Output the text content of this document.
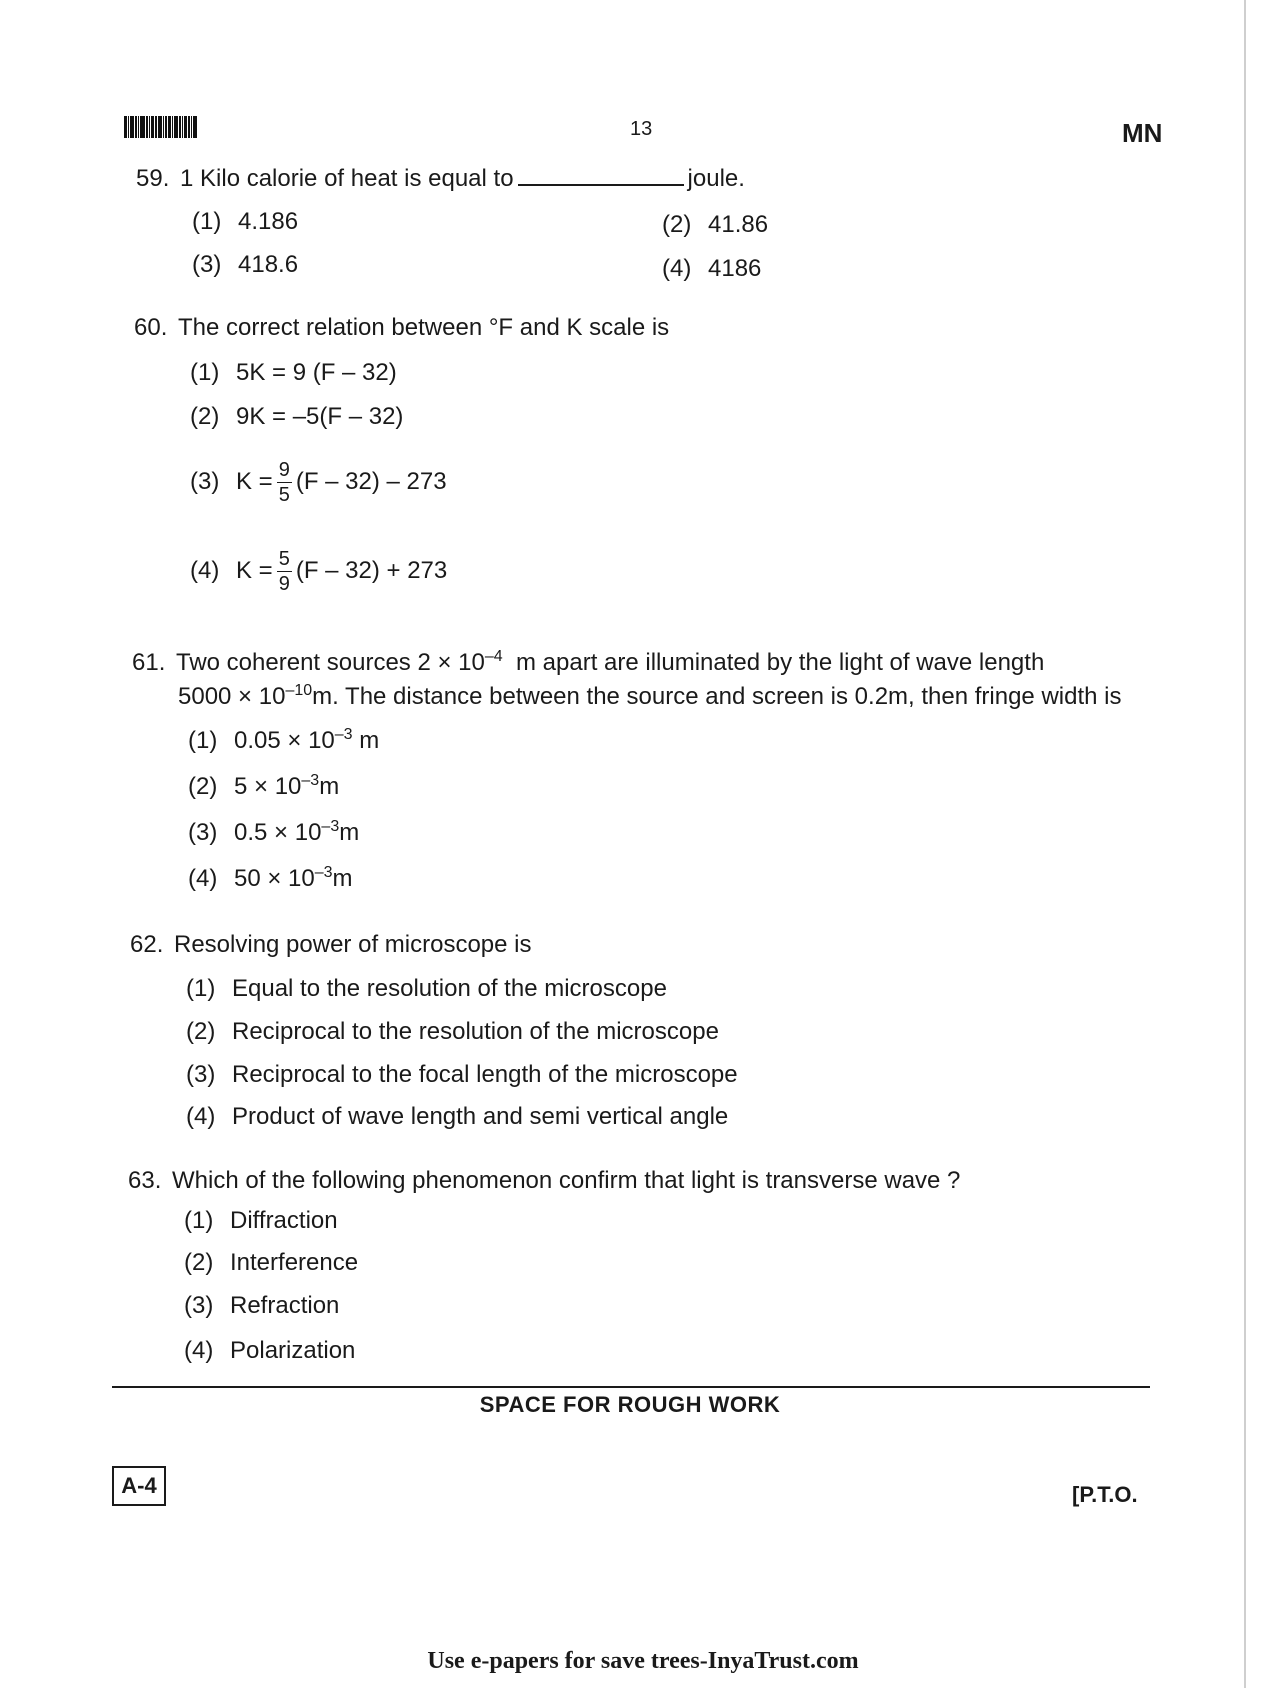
13	MN
59. 1 Kilo calorie of heat is equal to	joule.
(1) 4.186	(2) 41.86
(3) 418.6	(4) 4186
60. The correct relation between °F and K scale is
(1) 5K = 9 (F – 32)
(2) 9K = –5(F – 32)
(3) $K = \frac{9}{5} (F - 32) - 273$
(4) $K = \frac{5}{9} (F - 32) + 273$
61. Two coherent sources $2 \times 10^{-4}$ m apart are illuminated by the light of wave length
$5000 \times 10^{-10}m$. The distance between the source and screen is 0.2m, then fringe width is
(1) $0.05 \times 10^{-3}$ m
(2) $5 \times 10^{-3}m$
(3) $0.5 \times 10^{-3}m$
(4) $50 \times 10^{-3}m$
62. Resolving power of microscope is
(1) Equal to the resolution of the microscope
(2) Reciprocal to the resolution of the microscope
(3) Reciprocal to the focal length of the microscope
(4) Product of wave length and semi vertical angle
63. Which of the following phenomenon confirm that light is transverse wave ?
(1) Diffraction
(2) Interference
(3) Refraction
(4) Polarization
SPACE FOR ROUGH WORK
A-4	[P.T.O.
Use e-papers for save trees-InyaTrust.com
